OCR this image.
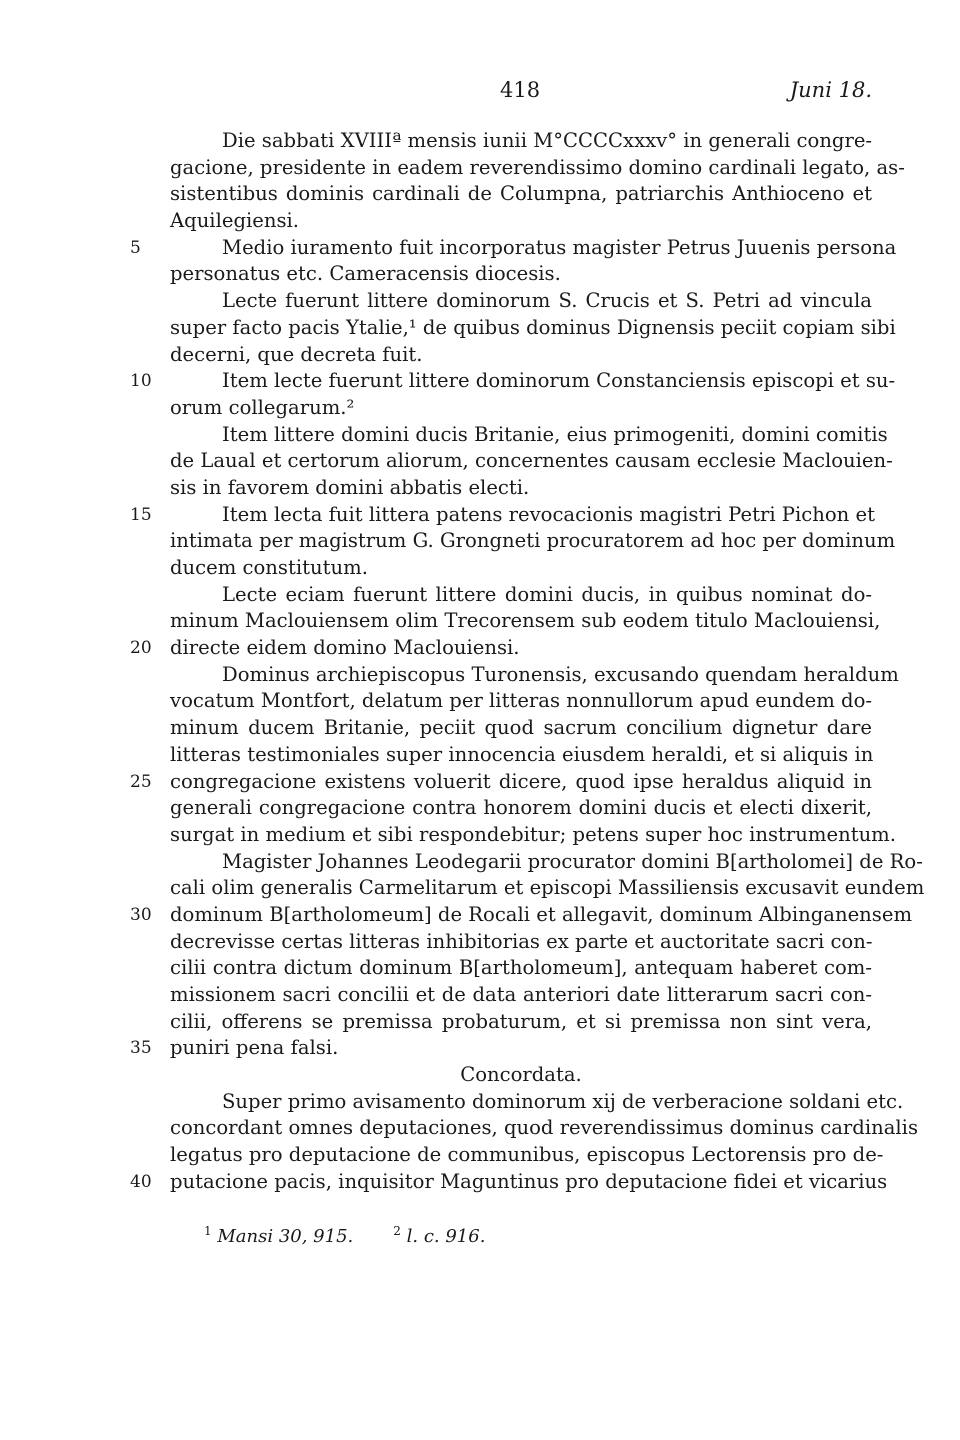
418	Juni 18.
Die sabbati XVIIIª mensis iunii M°CCCCxxxv° in generali congre-
gacione, presidente in eadem reverendissimo domino cardinali legato, as-
sistentibus dominis cardinali de Columpna, patriarchis Anthioceno et
Aquilegiensi.
5	Medio iuramento fuit incorporatus magister Petrus Juuenis persona
personatus etc. Cameracensis diocesis.
Lecte fuerunt littere dominorum S. Crucis et S. Petri ad vincula
super facto pacis Ytalie,¹ de quibus dominus Dignensis peciit copiam sibi
decerni, que decreta fuit.
10	Item lecte fuerunt littere dominorum Constanciensis episcopi et su-
orum collegarum.²
Item littere domini ducis Britanie, eius primogeniti, domini comitis
de Laual et certorum aliorum, concernentes causam ecclesie Maclouien-
sis in favorem domini abbatis electi.
15	Item lecta fuit littera patens revocacionis magistri Petri Pichon et
intimata per magistrum G. Grongneti procuratorem ad hoc per dominum
ducem constitutum.
Lecte eciam fuerunt littere domini ducis, in quibus nominat do-
minum Maclouiensem olim Trecorensem sub eodem titulo Maclouiensi,
20 directe eidem domino Maclouiensi.
Dominus archiepiscopus Turonensis, excusando quendam heraldum
vocatum Montfort, delatum per litteras nonnullorum apud eundem do-
minum ducem Britanie, peciit quod sacrum concilium dignetur dare
litteras testimoniales super innocencia eiusdem heraldi, et si aliquis in
25 congregacione existens voluerit dicere, quod ipse heraldus aliquid in
generali congregacione contra honorem domini ducis et electi dixerit,
surgat in medium et sibi respondebitur; petens super hoc instrumentum.
Magister Johannes Leodegarii procurator domini B[artholomei] de Ro-
cali olim generalis Carmelitarum et episcopi Massiliensis excusavit eundem
30 dominum B[artholomeum] de Rocali et allegavit, dominum Albinganensem
decrevisse certas litteras inhibitorias ex parte et auctoritate sacri con-
cilii contra dictum dominum B[artholomeum], antequam haberet com-
missionem sacri concilii et de data anteriori date litterarum sacri con-
cilii, offerens se premissa probaturum, et si premissa non sint vera,
35 puniri pena falsi.
Concordata.
Super primo avisamento dominorum xij de verberacione soldani etc.
concordant omnes deputaciones, quod reverendissimus dominus cardinalis
legatus pro deputacione de communibus, episcopus Lectorensis pro de-
40 putacione pacis, inquisitor Maguntinus pro deputacione fidei et vicarius
$^1$ Mansi 30, 915.	$^2$ l. c. 916.
